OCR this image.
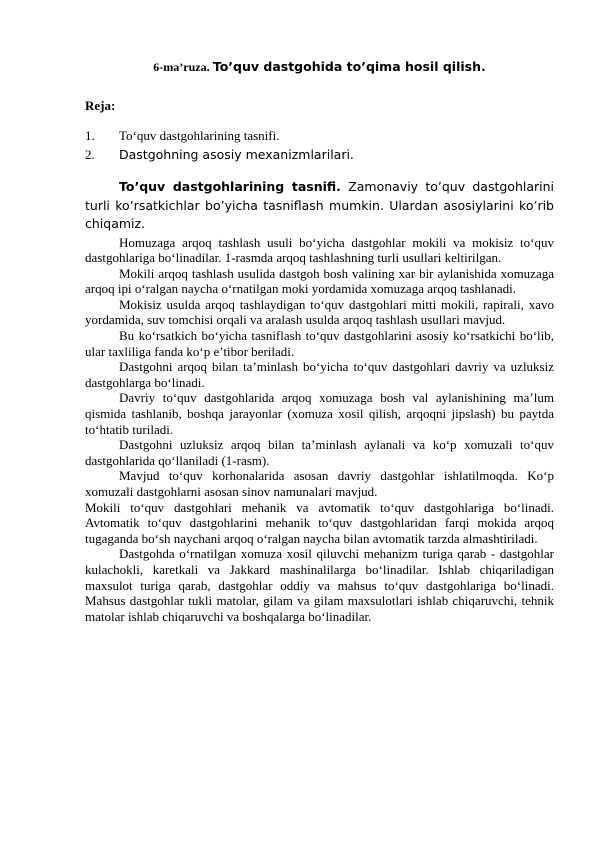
6-ma’ruza. To’quv dastgohida to’qima hosil qilish.
Reja:
1.	To‘quv dastgohlarining tasnifi.
2.	Dastgohning asosiy mexanizmlarilari.

To’quv dastgohlarining tasnifi. Zamonaviy to’quv dastgohlarini turli ko’rsatkichlar bo’yicha tasniflash mumkin. Ulardan asosiylarini ko’rib chiqamiz.

Homuzaga arqoq tashlash usuli bo‘yicha dastgohlar mokili va mokisiz to‘quv dastgohlariga bo‘linadilar. 1-rasmda arqoq tashlashning turli usullari keltirilgan.

Mokili arqoq tashlash usulida dastgoh bosh valining xar bir aylanishida xomuzaga arqoq ipi o‘ralgan naycha o‘rnatilgan moki yordamida xomuzaga arqoq tashlanadi.

Mokisiz usulda arqoq tashlaydigan to‘quv dastgohlari mitti mokili, rapirali, xavo yordamida, suv tomchisi orqali va aralash usulda arqoq tashlash usullari mavjud.

Bu ko‘rsatkich bo‘yicha tasniflash to‘quv dastgohlarini asosiy ko‘rsatkichi bo‘lib, ular taxliliga fanda ko‘p e’tibor beriladi.

Dastgohni arqoq bilan ta’minlash bo‘yicha to‘quv dastgohlari davriy va uzluksiz dastgohlarga bo‘linadi.

Davriy to‘quv dastgohlarida arqoq xomuzaga bosh val aylanishining ma’lum qismida tashlanib, boshqa jarayonlar (xomuza xosil qilish, arqoqni jipslash) bu paytda to‘htatib turiladi.

Dastgohni uzluksiz arqoq bilan ta’minlash aylanali va ko‘p xomuzali to‘quv dastgohlarida qo‘llaniladi (1-rasm).

Mavjud to‘quv korhonalarida asosan davriy dastgohlar ishlatilmoqda. Ko‘p xomuzali dastgohlarni asosan sinov namunalari mavjud.

Mokili to‘quv dastgohlari mehanik va avtomatik to‘quv dastgohlariga bo‘linadi. Avtomatik to‘quv dastgohlarini mehanik to‘quv dastgohlaridan farqi mokida arqoq tugaganda bo‘sh naychani arqoq o‘ralgan naycha bilan avtomatik tarzda almashtiriladi.

Dastgohda o‘rnatilgan xomuza xosil qiluvchi mehanizm turiga qarab - dastgohlar kulachokli, karetkali va Jakkard mashinalilarga bo‘linadilar. Ishlab chiqariladigan maxsulot turiga qarab, dastgohlar oddiy va mahsus to‘quv dastgohlariga bo‘linadi. Mahsus dastgohlar tukli matolar, gilam va gilam maxsulotlari ishlab chiqaruvchi, tehnik matolar ishlab chiqaruvchi va boshqalarga bo‘linadilar.
